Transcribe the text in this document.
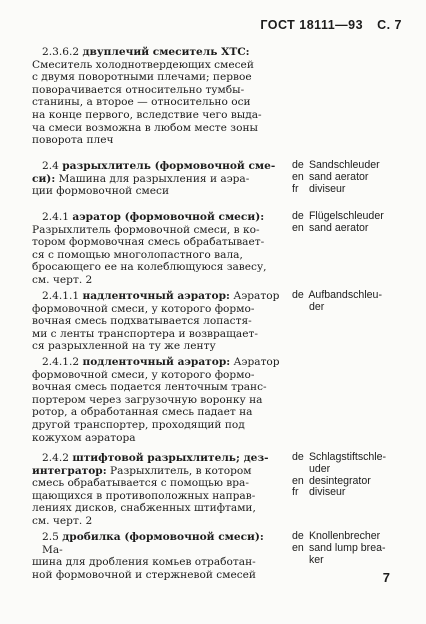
ГОСТ 18111—93 С. 7

2.3.6.2 двуплечий смеситель ХТС:

Смеситель холоднотвердеющих смесей

с двумя поворотными плечами; первое

поворачивается относительно тумбы-

станины, а второе — относительно оси

на конце первого, вследствие чего выда-

ча смеси возможна в любом месте зоны

поворота плеч

2.4 разрыхлитель (формовочной сме-

си): Машина для разрыхления и аэра-

ции формовочной смеси

de Sandschleuder
en sand aerator
fr diviseur

2.4.1 аэратор (формовочной смеси):

Разрыхлитель формовочной смеси, в ко-

тором формовочная смесь обрабатывает-

ся с помощью многолопастного вала,

бросающего ее на колеблющуюся завесу,

см. черт. 2

de Flügelschleuder
en sand aerator

2.4.1.1 надленточный аэратор: Аэратор

формовочной смеси, у которого формо-

вочная смесь подхватывается лопастя-

ми с ленты транспортера и возвращает-

ся разрыхленной на ту же ленту

de Aufbandschleu-
der

2.4.1.2 подленточный аэратор: Аэратор

формовочной смеси, у которого формо-

вочная смесь подается ленточным транс-

портером через загрузочную воронку на

ротор, а обработанная смесь падает на

другой транспортер, проходящий под

кожухом аэратора

2.4.2 штифтовой разрыхлитель; дез-

интегратор: Разрыхлитель, в котором

смесь обрабатывается с помощью вра-

щающихся в противоположных направ-

лениях дисков, снабженных штифтами,

см. черт. 2

de Schlagstiftschle-
uder
en desintegrator
fr diviseur

2.5 дробилка (формовочной смеси): Ма-

шина для дробления комьев отработан-

ной формовочной и стержневой смесей

de Knollenbrecher
en sand lump brea-
ker
7
